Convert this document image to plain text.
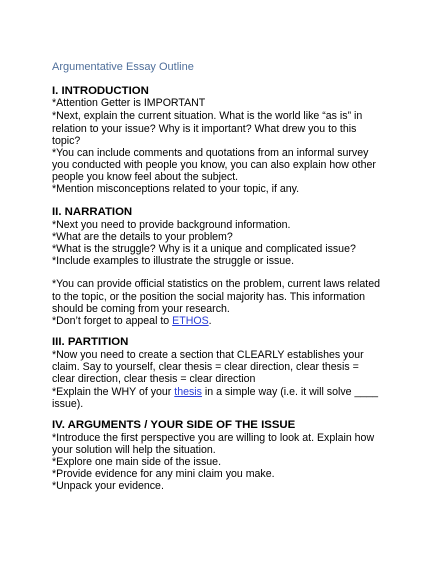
Argumentative Essay Outline
I. INTRODUCTION
*Attention Getter is IMPORTANT
*Next, explain the current situation. What is the world like “as is” in
relation to your issue? Why is it important? What drew you to this
topic?
*You can include comments and quotations from an informal survey
you conducted with people you know, you can also explain how other
people you know feel about the subject.
*Mention misconceptions related to your topic, if any.
II. NARRATION
*Next you need to provide background information.
*What are the details to your problem?
*What is the struggle? Why is it a unique and complicated issue?
*Include examples to illustrate the struggle or issue.
*You can provide official statistics on the problem, current laws related
to the topic, or the position the social majority has. This information
should be coming from your research.
*Don’t forget to appeal to ETHOS.
III. PARTITION
*Now you need to create a section that CLEARLY establishes your
claim. Say to yourself, clear thesis = clear direction, clear thesis =
clear direction, clear thesis = clear direction
*Explain the WHY of your thesis in a simple way (i.e. it will solve ____
issue).
IV. ARGUMENTS / YOUR SIDE OF THE ISSUE
*Introduce the first perspective you are willing to look at. Explain how
your solution will help the situation.
*Explore one main side of the issue.
*Provide evidence for any mini claim you make.
*Unpack your evidence.
